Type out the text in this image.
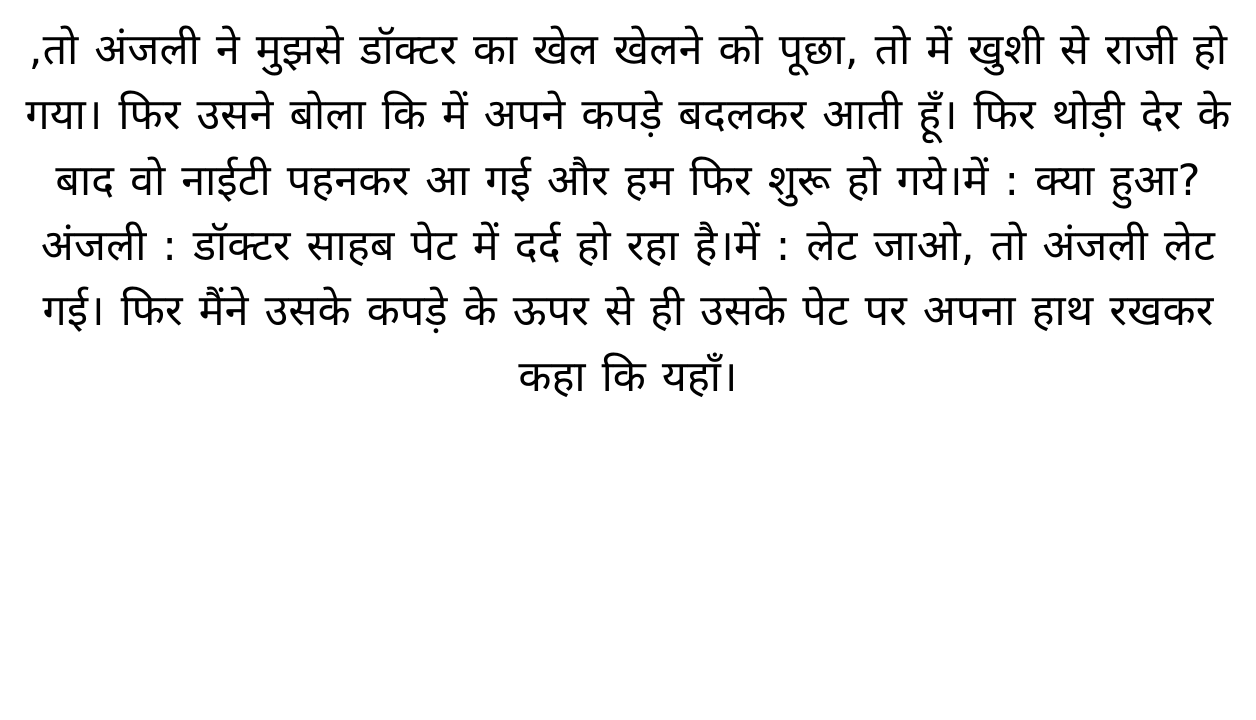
,तो अंजली ने मुझसे डॉक्टर का खेल खेलने को पूछा, तो में खुशी से राजी हो गया। फिर उसने बोला कि में अपने कपड़े बदलकर आती हूँ। फिर थोड़ी देर के बाद वो नाईटी पहनकर आ गई और हम फिर शुरू हो गये।में : क्या हुआ? अंजली : डॉक्टर साहब पेट में दर्द हो रहा है।में : लेट जाओ, तो अंजली लेट गई। फिर मैंने उसके कपड़े के ऊपर से ही उसके पेट पर अपना हाथ रखकर कहा कि यहाँ।
